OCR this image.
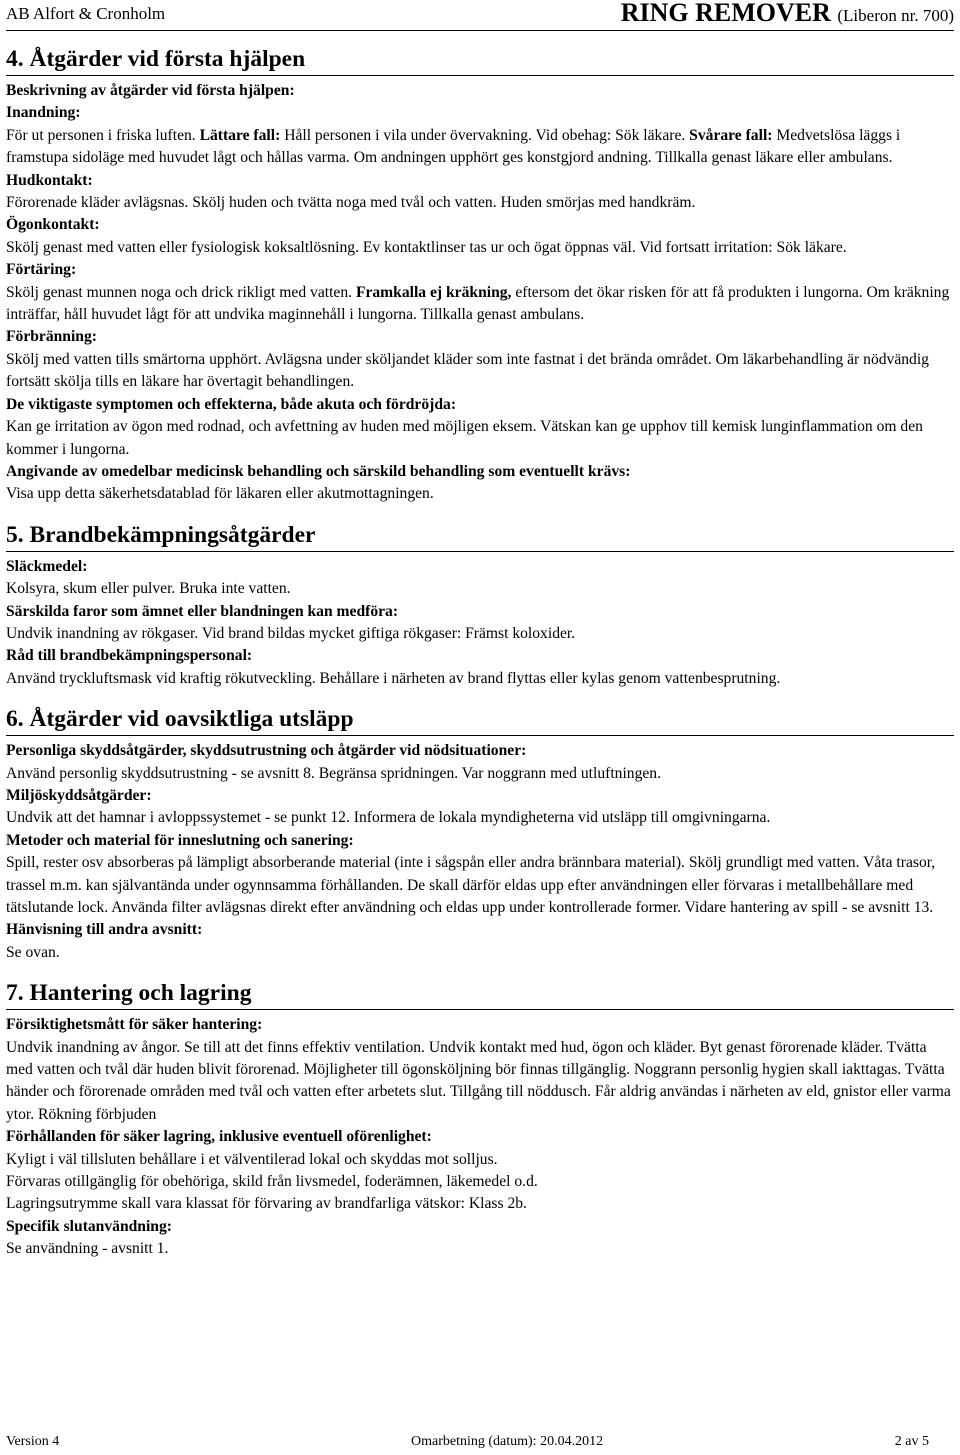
AB Alfort & Cronholm	RING REMOVER (Liberon nr. 700)
4. Åtgärder vid första hjälpen
Beskrivning av åtgärder vid första hjälpen:
Inandning:
För ut personen i friska luften. Lättare fall: Håll personen i vila under övervakning. Vid obehag: Sök läkare. Svårare fall: Medvetslösa läggs i framstupa sidoläge med huvudet lågt och hållas varma. Om andningen upphört ges konstgjord andning. Tillkalla genast läkare eller ambulans.
Hudkontakt:
Förorenade kläder avlägsnas. Skölj huden och tvätta noga med tvål och vatten. Huden smörjas med handkräm.
Ögonkontakt:
Skölj genast med vatten eller fysiologisk koksaltlösning. Ev kontaktlinser tas ur och ögat öppnas väl. Vid fortsatt irritation: Sök läkare.
Förtäring:
Skölj genast munnen noga och drick rikligt med vatten. Framkalla ej kräkning, eftersom det ökar risken för att få produkten i lungorna. Om kräkning inträffar, håll huvudet lågt för att undvika maginnehåll i lungorna. Tillkalla genast ambulans.
Förbränning:
Skölj med vatten tills smärtorna upphört. Avlägsna under sköljandet kläder som inte fastnat i det brända området. Om läkarbehandling är nödvändig fortsätt skölja tills en läkare har övertagit behandlingen.
De viktigaste symptomen och effekterna, både akuta och fördröjda:
Kan ge irritation av ögon med rodnad, och avfettning av huden med möjligen eksem. Vätskan kan ge upphov till kemisk lunginflammation om den kommer i lungorna.
Angivande av omedelbar medicinsk behandling och särskild behandling som eventuellt krävs:
Visa upp detta säkerhetsdatablad för läkaren eller akutmottagningen.
5. Brandbekämpningsåtgärder
Släckmedel:
Kolsyra, skum eller pulver. Bruka inte vatten.
Särskilda faror som ämnet eller blandningen kan medföra:
Undvik inandning av rökgaser. Vid brand bildas mycket giftiga rökgaser: Främst koloxider.
Råd till brandbekämpningspersonal:
Använd tryckluftsmask vid kraftig rökutveckling. Behållare i närheten av brand flyttas eller kylas genom vattenbesprutning.
6. Åtgärder vid oavsiktliga utsläpp
Personliga skyddsåtgärder, skyddsutrustning och åtgärder vid nödsituationer:
Använd personlig skyddsutrustning - se avsnitt 8. Begränsa spridningen. Var noggrann med utluftningen.
Miljöskyddsåtgärder:
Undvik att det hamnar i avloppssystemet - se punkt 12. Informera de lokala myndigheterna vid utsläpp till omgivningarna.
Metoder och material för inneslutning och sanering:
Spill, rester osv absorberas på lämpligt absorberande material (inte i sågspån eller andra brännbara material). Skölj grundligt med vatten. Våta trasor, trassel m.m. kan självantända under ogynnsamma förhållanden. De skall därför eldas upp efter användningen eller förvaras i metallbehållare med tätslutande lock. Använda filter avlägsnas direkt efter användning och eldas upp under kontrollerade former. Vidare hantering av spill - se avsnitt 13.
Hänvisning till andra avsnitt:
Se ovan.
7. Hantering och lagring
Försiktighetsmått för säker hantering:
Undvik inandning av ångor. Se till att det finns effektiv ventilation. Undvik kontakt med hud, ögon och kläder. Byt genast förorenade kläder. Tvätta med vatten och tvål där huden blivit förorenad. Möjligheter till ögonsköljning bör finnas tillgänglig. Noggrann personlig hygien skall iakttagas. Tvätta händer och förorenade områden med tvål och vatten efter arbetets slut. Tillgång till nöddusch. Får aldrig användas i närheten av eld, gnistor eller varma ytor. Rökning förbjuden
Förhållanden för säker lagring, inklusive eventuell oförenlighet:
Kyligt i väl tillsluten behållare i et välventilerad lokal och skyddas mot solljus.
Förvaras otillgänglig för obehöriga, skild från livsmedel, foderämnen, läkemedel o.d.
Lagringsutrymme skall vara klassat för förvaring av brandfarliga vätskor: Klass 2b.
Specifik slutanvändning:
Se användning - avsnitt 1.
Version 4	Omarbetning (datum): 20.04.2012	2 av 5
